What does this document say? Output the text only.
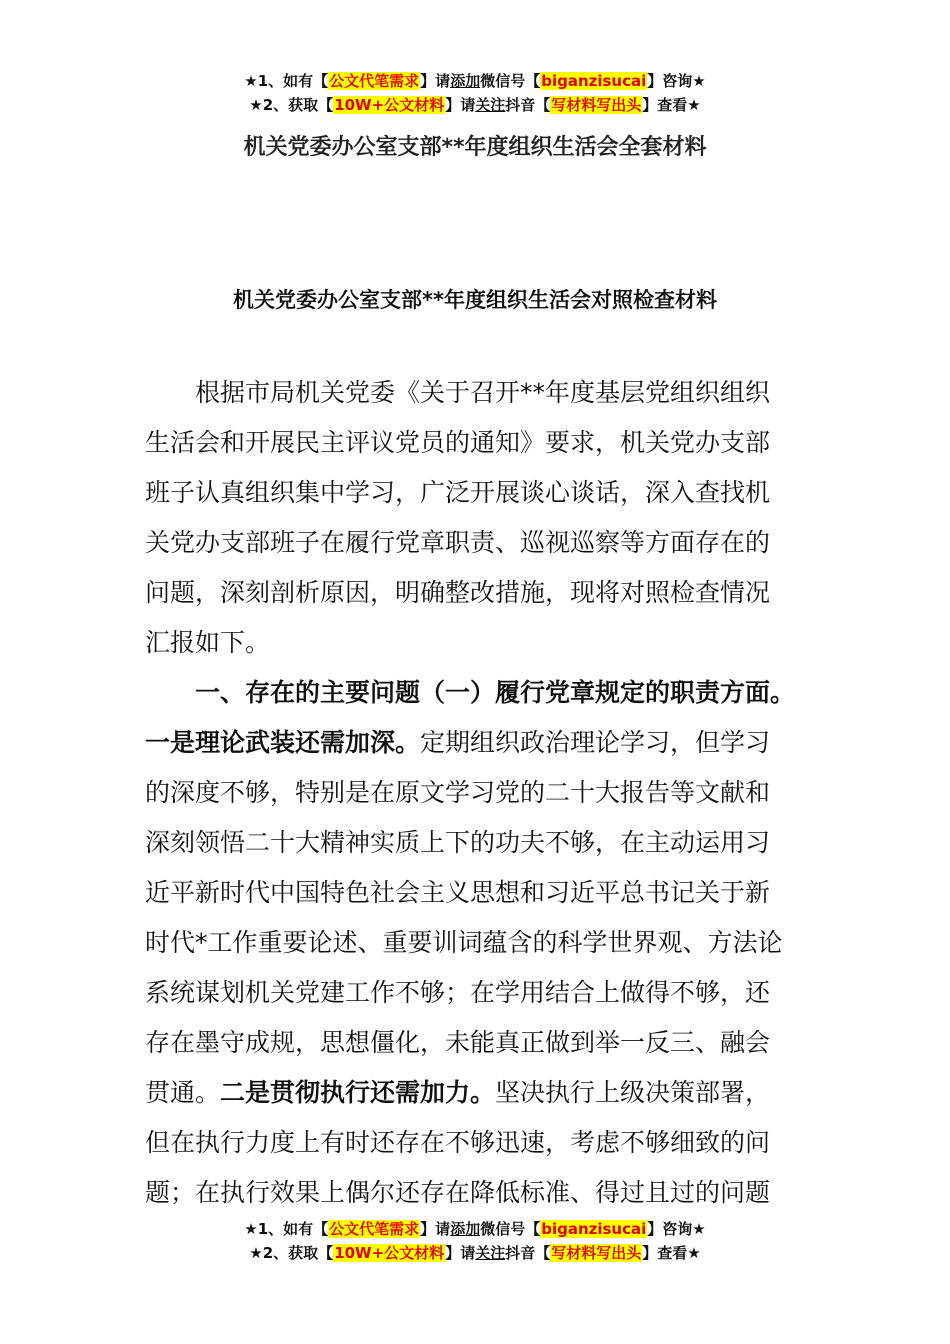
★1、如有【公文代笔需求】请添加微信号【biganzisucai】咨询★
★2、获取【10W+公文材料】请关注抖音【写材料写出头】查看★
机关党委办公室支部**年度组织生活会全套材料
机关党委办公室支部**年度组织生活会对照检查材料
根据市局机关党委《关于召开**年度基层党组织组织
生活会和开展民主评议党员的通知》要求，机关党办支部
班子认真组织集中学习，广泛开展谈心谈话，深入查找机
关党办支部班子在履行党章职责、巡视巡察等方面存在的
问题，深刻剖析原因，明确整改措施，现将对照检查情况
汇报如下。
一、存在的主要问题（一）履行党章规定的职责方面。
一是理论武装还需加深。定期组织政治理论学习，但学习
的深度不够，特别是在原文学习党的二十大报告等文献和
深刻领悟二十大精神实质上下的功夫不够，在主动运用习
近平新时代中国特色社会主义思想和习近平总书记关于新
时代*工作重要论述、重要训词蕴含的科学世界观、方法论
系统谋划机关党建工作不够；在学用结合上做得不够，还
存在墨守成规，思想僵化，未能真正做到举一反三、融会
贯通。二是贯彻执行还需加力。坚决执行上级决策部署，
但在执行力度上有时还存在不够迅速，考虑不够细致的问
题；在执行效果上偶尔还存在降低标准、得过且过的问题
★1、如有【公文代笔需求】请添加微信号【biganzisucai】咨询★
★2、获取【10W+公文材料】请关注抖音【写材料写出头】查看★
